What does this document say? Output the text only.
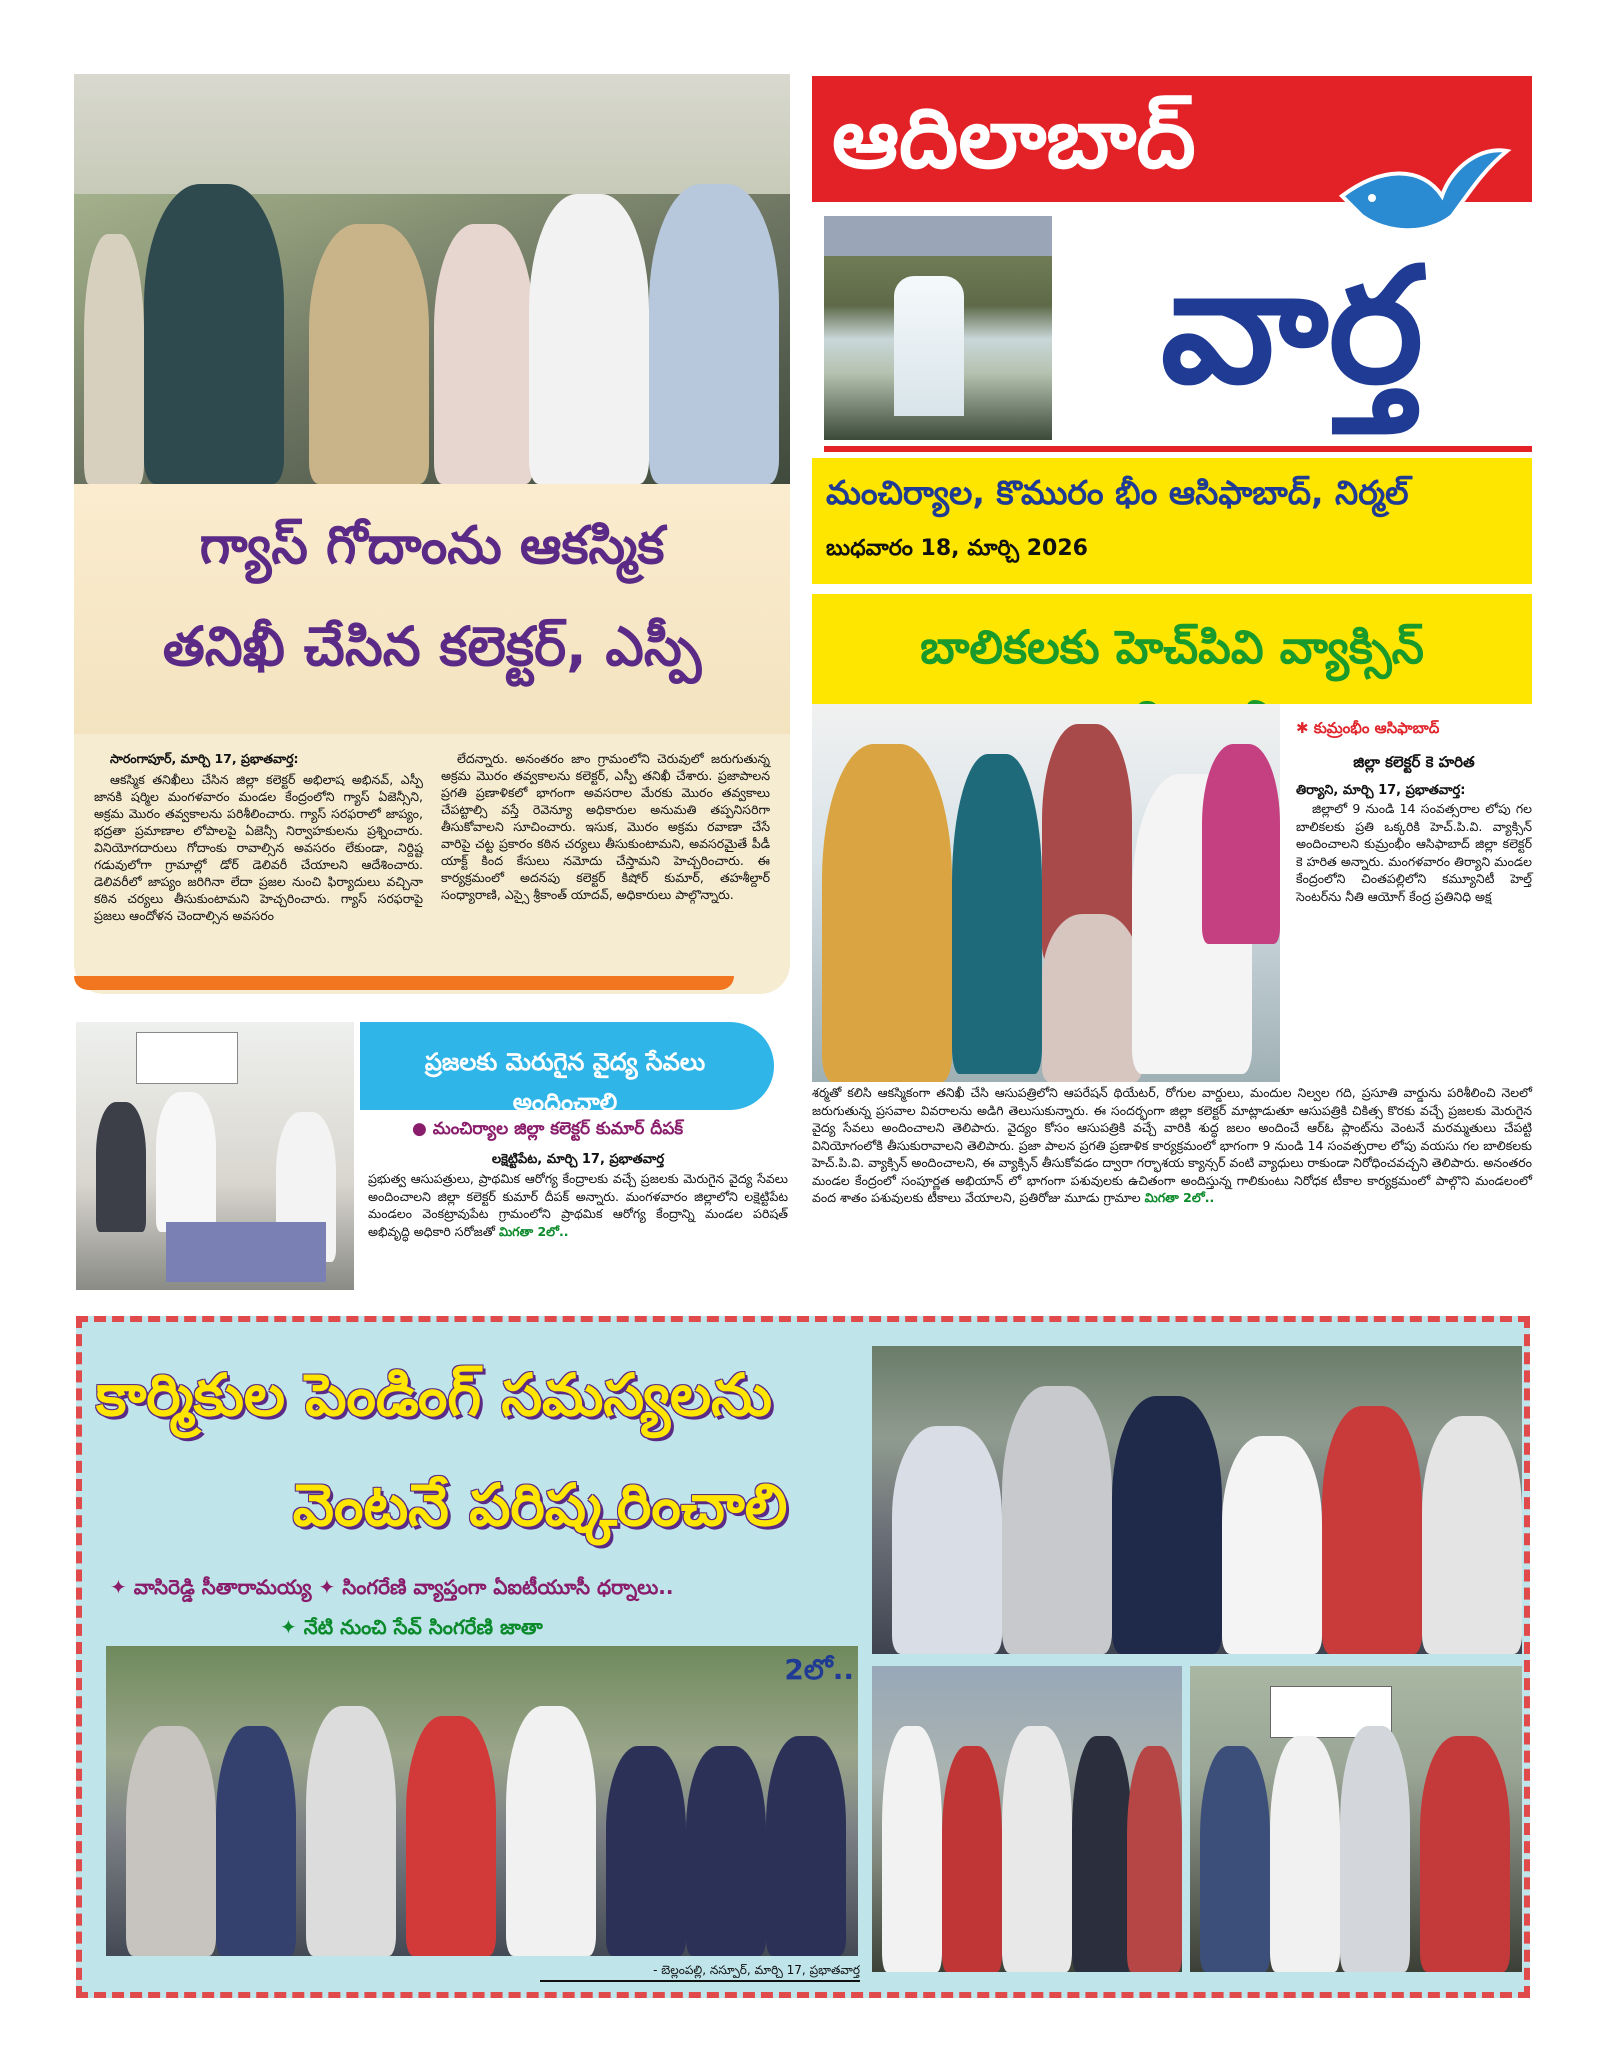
గ్యాస్ గోదాంను ఆకస్మిక
తనిఖీ చేసిన కలెక్టర్, ఎస్పీ

సారంగాపూర్, మార్చి 17, ప్రభాతవార్త:

ఆకస్మిక తనిఖీలు చేసిన జిల్లా కలెక్టర్ అభిలాష అభినవ్, ఎస్పీ జానకి షర్మిల మంగళవారం మండల కేంద్రంలోని గ్యాస్ ఏజెన్సీని, అక్రమ మొరం తవ్వకాలను పరిశీలించారు. గ్యాస్ సరఫరాలో జాప్యం, భద్రతా ప్రమాణాల లోపాలపై ఏజెన్సీ నిర్వాహకులను ప్రశ్నించారు. వినియోగదారులు గోదాంకు రావాల్సిన అవసరం లేకుండా, నిర్దిష్ట గడువులోగా గ్రామాల్లో డోర్ డెలివరీ చేయాలని ఆదేశించారు. డెలివరీలో జాప్యం జరిగినా లేదా ప్రజల నుంచి ఫిర్యాదులు వచ్చినా కఠిన చర్యలు తీసుకుంటామని హెచ్చరించారు. గ్యాస్ సరఫరాపై ప్రజలు ఆందోళన చెందాల్సిన అవసరం

లేదన్నారు. అనంతరం జాం గ్రామంలోని చెరువులో జరుగుతున్న అక్రమ మొరం తవ్వకాలను కలెక్టర్, ఎస్పీ తనిఖీ చేశారు. ప్రజాపాలన ప్రగతి ప్రణాళికలో భాగంగా అవసరాల మేరకు మొరం తవ్వకాలు చేపట్టాల్సి వస్తే రెవెన్యూ అధికారుల అనుమతి తప్పనిసరిగా తీసుకోవాలని సూచించారు. ఇసుక, మొరం అక్రమ రవాణా చేసే వారిపై చట్ట ప్రకారం కఠిన చర్యలు తీసుకుంటామని, అవసరమైతే పీడీ యాక్ట్ కింద కేసులు నమోదు చేస్తామని హెచ్చరించారు. ఈ కార్యక్రమంలో అదనపు కలెక్టర్ కిషోర్ కుమార్, తహశీల్దార్ సంధ్యారాణి, ఎస్సై శ్రీకాంత్ యాదవ్, అధికారులు పాల్గొన్నారు.

ఆదిలాబాద్
వార్త
మంచిర్యాల, కొమురం భీం ఆసిఫాబాద్, నిర్మల్
బుధవారం 18, మార్చి 2026
బాలికలకు హెచ్‌పివి వ్యాక్సిన్
✱ కుమ్రంభీం ఆసిఫాబాద్
జిల్లా కలెక్టర్ కె హరిత
తిర్యాని, మార్చి 17, ప్రభాతవార్త:
జిల్లాలో 9 నుండి 14 సంవత్సరాల లోపు గల బాలికలకు ప్రతి ఒక్కరికి హెచ్.పి.వి. వ్యాక్సిన్ అందించాలని కుమ్రంభీం ఆసిఫాబాద్ జిల్లా కలెక్టర్ కె హరిత అన్నారు. మంగళవారం తిర్యాని మండల కేంద్రంలోని చింతపల్లిలోని కమ్యూనిటీ హెల్త్ సెంటర్‌ను నీతి ఆయోగ్ కేంద్ర ప్రతినిధి అక్ష
శర్మతో కలిసి ఆకస్మికంగా తనిఖీ చేసి ఆసుపత్రిలోని ఆపరేషన్ థియేటర్, రోగుల వార్డులు, మందుల నిల్వల గది, ప్రసూతి వార్డును పరిశీలించి నెలలో జరుగుతున్న ప్రసవాల వివరాలను అడిగి తెలుసుకున్నారు. ఈ సందర్భంగా జిల్లా కలెక్టర్ మాట్లాడుతూ ఆసుపత్రికి చికిత్స కొరకు వచ్చే ప్రజలకు మెరుగైన వైద్య సేవలు అందించాలని తెలిపారు. వైద్యం కోసం ఆసుపత్రికి వచ్చే వారికి శుద్ధ జలం అందించే ఆర్‌ఓ ప్లాంట్‌ను వెంటనే మరమ్మతులు చేపట్టి వినియోగంలోకి తీసుకురావాలని తెలిపారు. ప్రజా పాలన ప్రగతి ప్రణాళిక కార్యక్రమంలో భాగంగా 9 నుండి 14 సంవత్సరాల లోపు వయసు గల బాలికలకు హెచ్.పి.వి. వ్యాక్సిన్ అందించాలని, ఈ వ్యాక్సిన్ తీసుకోవడం ద్వారా గర్భాశయ క్యాన్సర్ వంటి వ్యాధులు రాకుండా నిరోధించవచ్చని తెలిపారు. అనంతరం మండల కేంద్రంలో సంపూర్ణత అభియాన్ లో భాగంగా పశువులకు ఉచితంగా అందిస్తున్న గాలికుంటు నిరోధక టీకాల కార్యక్రమంలో పాల్గొని మండలంలో వంద శాతం పశువులకు టీకాలు వేయాలని, ప్రతిరోజు మూడు గ్రామాల మిగతా 2లో..
ప్రజలకు మెరుగైన వైద్య సేవలు అందించాలి
● మంచిర్యాల జిల్లా కలెక్టర్ కుమార్ దీపక్
లక్షెట్టిపేట, మార్చి 17, ప్రభాతవార్త
ప్రభుత్వ ఆసుపత్రులు, ప్రాథమిక ఆరోగ్య కేంద్రాలకు వచ్చే ప్రజలకు మెరుగైన వైద్య సేవలు అందించాలని జిల్లా కలెక్టర్ కుమార్ దీపక్ అన్నారు. మంగళవారం జిల్లాలోని లక్షెట్టిపేట మండలం వెంకట్రావుపేట గ్రామంలోని ప్రాథమిక ఆరోగ్య కేంద్రాన్ని మండల పరిషత్ అభివృద్ధి అధికారి సరోజతో మిగతా 2లో..
కార్మికుల పెండింగ్ సమస్యలను
వెంటనే పరిష్కరించాలి
✦ వాసిరెడ్డి సీతారామయ్య ✦ సింగరేణి వ్యాప్తంగా ఏఐటీయూసీ ధర్నాలు..
✦ నేటి నుంచి సేవ్ సింగరేణి జాతా
2లో..
- బెల్లంపల్లి, నస్పూర్, మార్చి 17, ప్రభాతవార్త
